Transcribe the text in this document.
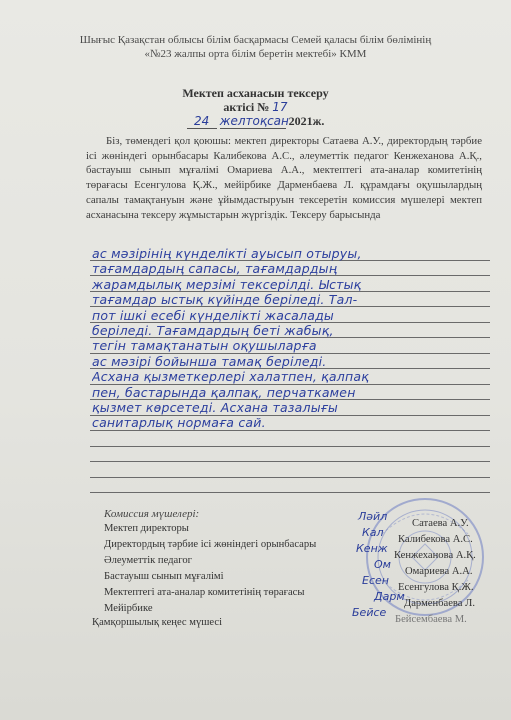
Шығыс Қазақстан облысы білім басқармасы Семей қаласы білім бөлімінің
«№23 жалпы орта білім беретін мектебі» КММ
Мектеп асханасын тексеру
актісі № 17
24 желтоқсан 2021ж.
Біз, төмендегі қол қоюшы: мектеп директоры Сатаева А.У., директордың тәрбие ісі жөніндегі орынбасары Калибекова А.С., әлеуметтік педагог Кенжеханова А.Қ., бастауыш сынып мұғалімі Омариева А.А., мектептегі ата-аналар комитетінің төрағасы Есенгулова Қ.Ж., мейірбике Дарменбаева Л. құрамдағы оқушылардың сапалы тамақтануын және ұйымдастыруын тексеретін комиссия мүшелері мектеп асханасына тексеру жұмыстарын жүргіздік. Тексеру барысында
ас мәзірінің күнделікті ауысып отыруы,
тағамдардың сапасы, тағамдардың
жарамдылық мерзімі тексерілді. Ыстық
тағамдар ыстық күйінде беріледі. Тал-
пот ішкі есебі күнделікті жасалады
беріледі. Тағамдардың беті жабық,
тегін тамақтанатын оқушыларға
ас мәзірі бойынша тамақ беріледі.
Асхана қызметкерлері халатпен, қалпақ
пен, бастарында қалпақ, перчаткамен
қызмет көрсетеді. Асхана тазалығы
санитарлық нормаға сай.
Комиссия мүшелері:
Мектеп директоры
Директордың тәрбие ісі жөніндегі орынбасары
Әлеуметтік педагог
Бастауыш сынып мұғалімі
Мектептегі ата-аналар комитетінің төрағасы
Мейірбике
Қамқоршылық кеңес мүшесі
Ләйл
Кал
Кенж
Ом
Есен
Дарм
Бейсе
Сатаева А.У.
Калибекова А.С.
Кенжеханова А.Қ.
Омариева А.А.
Есенгулова Қ.Ж.
Дарменбаева Л.
Бейсембаева М.
